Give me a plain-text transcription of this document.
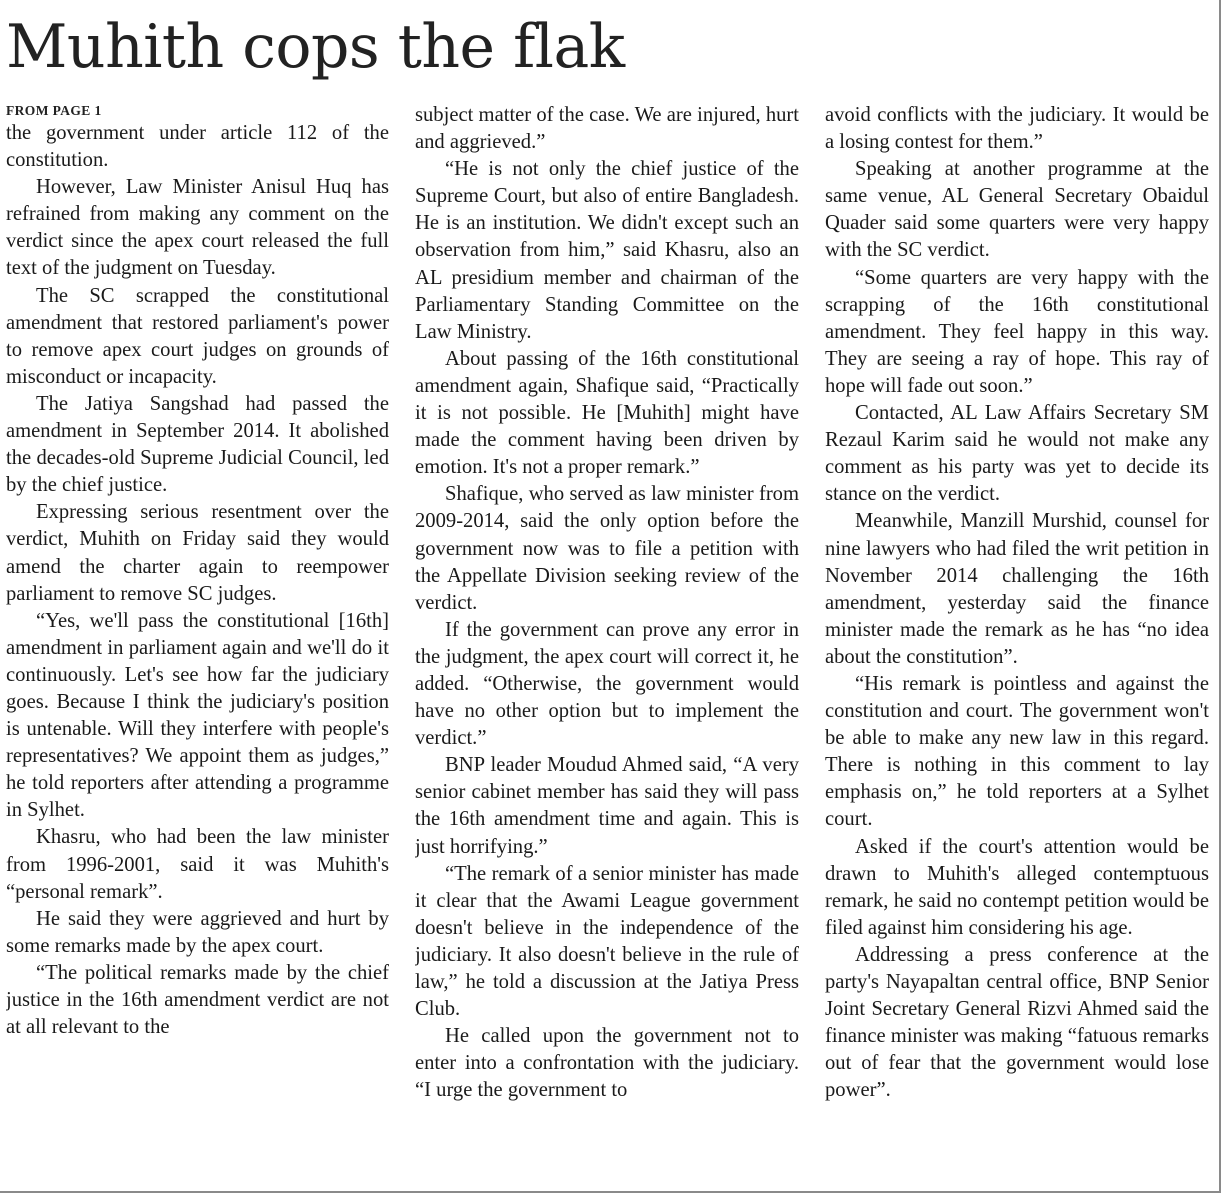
Muhith cops the flak
FROM PAGE 1

the government under article 112 of the constitution.

However, Law Minister Anisul Huq has refrained from making any comment on the verdict since the apex court released the full text of the judgment on Tuesday.

The SC scrapped the constitutional amendment that restored parliament's power to remove apex court judges on grounds of misconduct or incapacity.

The Jatiya Sangshad had passed the amendment in September 2014. It abolished the decades-old Supreme Judicial Council, led by the chief justice.

Expressing serious resentment over the verdict, Muhith on Friday said they would amend the charter again to reempower parliament to remove SC judges.

“Yes, we'll pass the constitutional [16th] amendment in parliament again and we'll do it continuously. Let's see how far the judiciary goes. Because I think the judiciary's position is untenable. Will they interfere with people's representatives? We appoint them as judges,” he told reporters after attending a programme in Sylhet.

Khasru, who had been the law minister from 1996-2001, said it was Muhith's “personal remark”.

He said they were aggrieved and hurt by some remarks made by the apex court.

“The political remarks made by the chief justice in the 16th amendment verdict are not at all relevant to the

subject matter of the case. We are injured, hurt and aggrieved.”

“He is not only the chief justice of the Supreme Court, but also of entire Bangladesh. He is an institution. We didn't except such an observation from him,” said Khasru, also an AL presidium member and chairman of the Parliamentary Standing Committee on the Law Ministry.

About passing of the 16th constitutional amendment again, Shafique said, “Practically it is not possible. He [Muhith] might have made the comment having been driven by emotion. It's not a proper remark.”

Shafique, who served as law minister from 2009-2014, said the only option before the government now was to file a petition with the Appellate Division seeking review of the verdict.

If the government can prove any error in the judgment, the apex court will correct it, he added. “Otherwise, the government would have no other option but to implement the verdict.”

BNP leader Moudud Ahmed said, “A very senior cabinet member has said they will pass the 16th amendment time and again. This is just horrifying.”

“The remark of a senior minister has made it clear that the Awami League government doesn't believe in the independence of the judiciary. It also doesn't believe in the rule of law,” he told a discussion at the Jatiya Press Club.

He called upon the government not to enter into a confrontation with the judiciary. “I urge the government to

avoid conflicts with the judiciary. It would be a losing contest for them.”

Speaking at another programme at the same venue, AL General Secretary Obaidul Quader said some quarters were very happy with the SC verdict.

“Some quarters are very happy with the scrapping of the 16th constitutional amendment. They feel happy in this way. They are seeing a ray of hope. This ray of hope will fade out soon.”

Contacted, AL Law Affairs Secretary SM Rezaul Karim said he would not make any comment as his party was yet to decide its stance on the verdict.

Meanwhile, Manzill Murshid, counsel for nine lawyers who had filed the writ petition in November 2014 challenging the 16th amendment, yesterday said the finance minister made the remark as he has “no idea about the constitution”.

“His remark is pointless and against the constitution and court. The government won't be able to make any new law in this regard. There is nothing in this comment to lay emphasis on,” he told reporters at a Sylhet court.

Asked if the court's attention would be drawn to Muhith's alleged contemptuous remark, he said no contempt petition would be filed against him considering his age.

Addressing a press conference at the party's Nayapaltan central office, BNP Senior Joint Secretary General Rizvi Ahmed said the finance minister was making “fatuous remarks out of fear that the government would lose power”.
